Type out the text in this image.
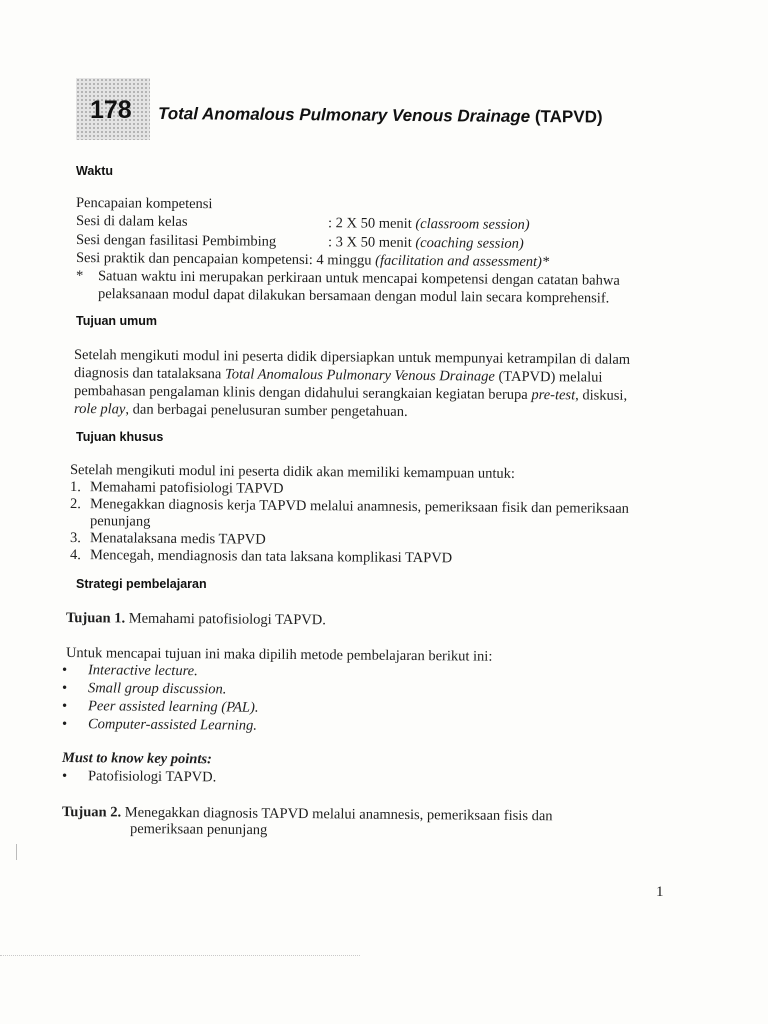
178 Total Anomalous Pulmonary Venous Drainage (TAPVD)
Waktu
Pencapaian kompetensi
Sesi di dalam kelas	: 2 X 50 menit (classroom session)
Sesi dengan fasilitasi Pembimbing	: 3 X 50 menit (coaching session)
Sesi praktik dan pencapaian kompetensi: 4 minggu (facilitation and assessment)*
* Satuan waktu ini merupakan perkiraan untuk mencapai kompetensi dengan catatan bahwa
pelaksanaan modul dapat dilakukan bersamaan dengan modul lain secara komprehensif.
Tujuan umum
Setelah mengikuti modul ini peserta didik dipersiapkan untuk mempunyai ketrampilan di dalam
diagnosis dan tatalaksana Total Anomalous Pulmonary Venous Drainage (TAPVD) melalui
pembahasan pengalaman klinis dengan didahului serangkaian kegiatan berupa pre-test, diskusi,
role play, dan berbagai penelusuran sumber pengetahuan.
Tujuan khusus
Setelah mengikuti modul ini peserta didik akan memiliki kemampuan untuk:
1. Memahami patofisiologi TAPVD
2. Menegakkan diagnosis kerja TAPVD melalui anamnesis, pemeriksaan fisik dan pemeriksaan
penunjang
3. Menatalaksana medis TAPVD
4. Mencegah, mendiagnosis dan tata laksana komplikasi TAPVD
Strategi pembelajaran
Tujuan 1. Memahami patofisiologi TAPVD.
Untuk mencapai tujuan ini maka dipilih metode pembelajaran berikut ini:
• Interactive lecture.
• Small group discussion.
• Peer assisted learning (PAL).
• Computer-assisted Learning.
Must to know key points:
• Patofisiologi TAPVD.
Tujuan 2. Menegakkan diagnosis TAPVD melalui anamnesis, pemeriksaan fisis dan
pemeriksaan penunjang
1
